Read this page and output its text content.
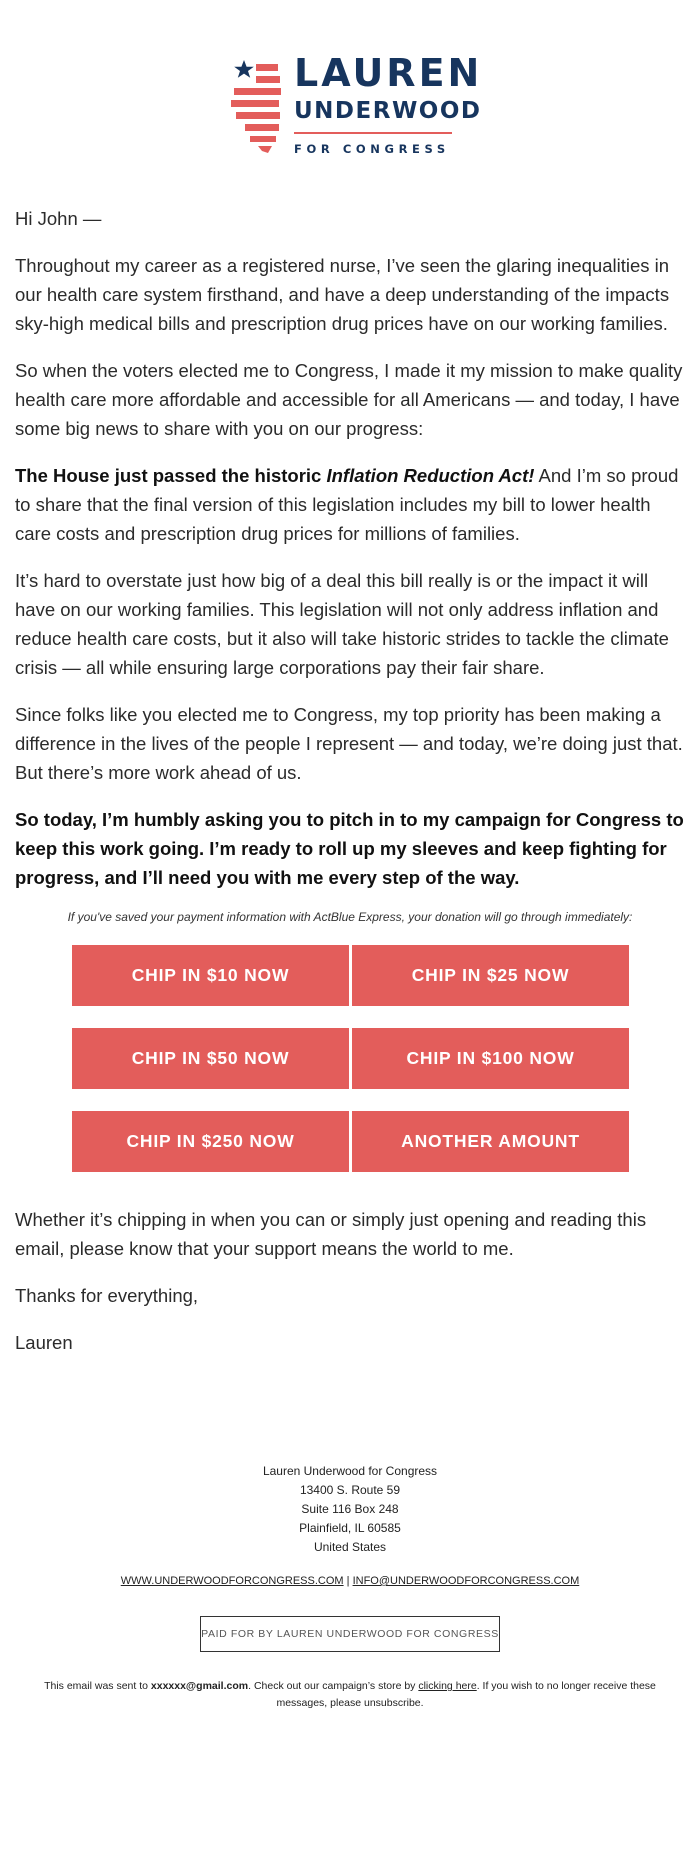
LAUREN
UNDERWOOD
FOR CONGRESS

Hi John —

Throughout my career as a registered nurse, I’ve seen the glaring inequalities in our health care system firsthand, and have a deep understanding of the impacts sky-high medical bills and prescription drug prices have on our working families.

So when the voters elected me to Congress, I made it my mission to make quality health care more affordable and accessible for all Americans — and today, I have some big news to share with you on our progress:

The House just passed the historic Inflation Reduction Act! And I’m so proud to share that the final version of this legislation includes my bill to lower health care costs and prescription drug prices for millions of families.

It’s hard to overstate just how big of a deal this bill really is or the impact it will have on our working families. This legislation will not only address inflation and reduce health care costs, but it also will take historic strides to tackle the climate crisis — all while ensuring large corporations pay their fair share.

Since folks like you elected me to Congress, my top priority has been making a difference in the lives of the people I represent — and today, we’re doing just that. But there’s more work ahead of us.

So today, I’m humbly asking you to pitch in to my campaign for Congress to keep this work going. I’m ready to roll up my sleeves and keep fighting for progress, and I’ll need you with me every step of the way.

If you've saved your payment information with ActBlue Express, your donation will go through immediately:
CHIP IN $10 NOW	CHIP IN $25 NOW
CHIP IN $50 NOW	CHIP IN $100 NOW
CHIP IN $250 NOW	ANOTHER AMOUNT

Whether it’s chipping in when you can or simply just opening and reading this email, please know that your support means the world to me.

Thanks for everything,

Lauren

Lauren Underwood for Congress
13400 S. Route 59
Suite 116 Box 248
Plainfield, IL 60585
United States
WWW.UNDERWOODFORCONGRESS.COM | INFO@UNDERWOODFORCONGRESS.COM
PAID FOR BY LAUREN UNDERWOOD FOR CONGRESS
This email was sent to xxxxxx@gmail.com. Check out our campaign’s store by clicking here. If you wish to no longer receive these messages, please unsubscribe.
